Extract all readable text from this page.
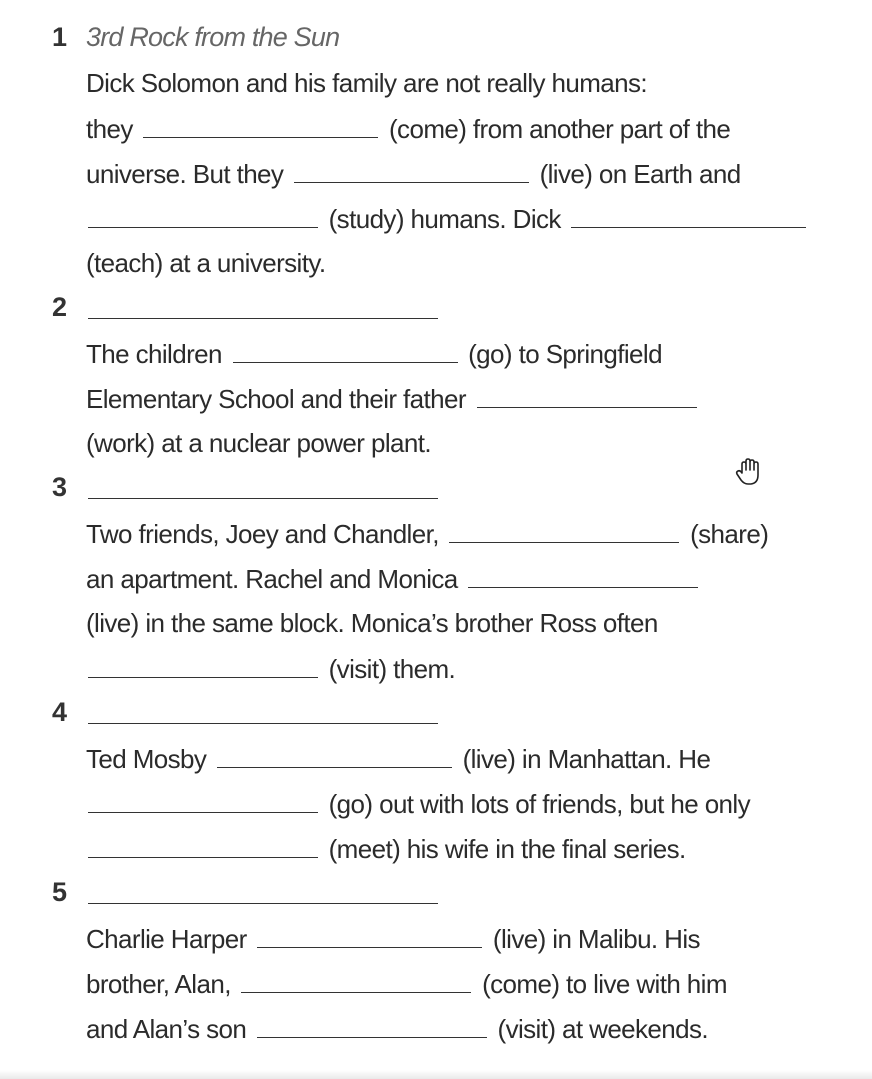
1 3rd Rock from the Sun
Dick Solomon and his family are not really humans:
they	(come) from another part of the
universe. But they	(live) on Earth and
(study) humans. Dick
(teach) at a university.
2
The children	(go) to Springfield
Elementary School and their father
(work) at a nuclear power plant.
3
Two friends, Joey and Chandler,	(share)
an apartment. Rachel and Monica
(live) in the same block. Monica’s brother Ross often
(visit) them.
4
Ted Mosby	(live) in Manhattan. He
(go) out with lots of friends, but he only
(meet) his wife in the final series.
5
Charlie Harper	(live) in Malibu. His
brother, Alan,	(come) to live with him
and Alan’s son	(visit) at weekends.
